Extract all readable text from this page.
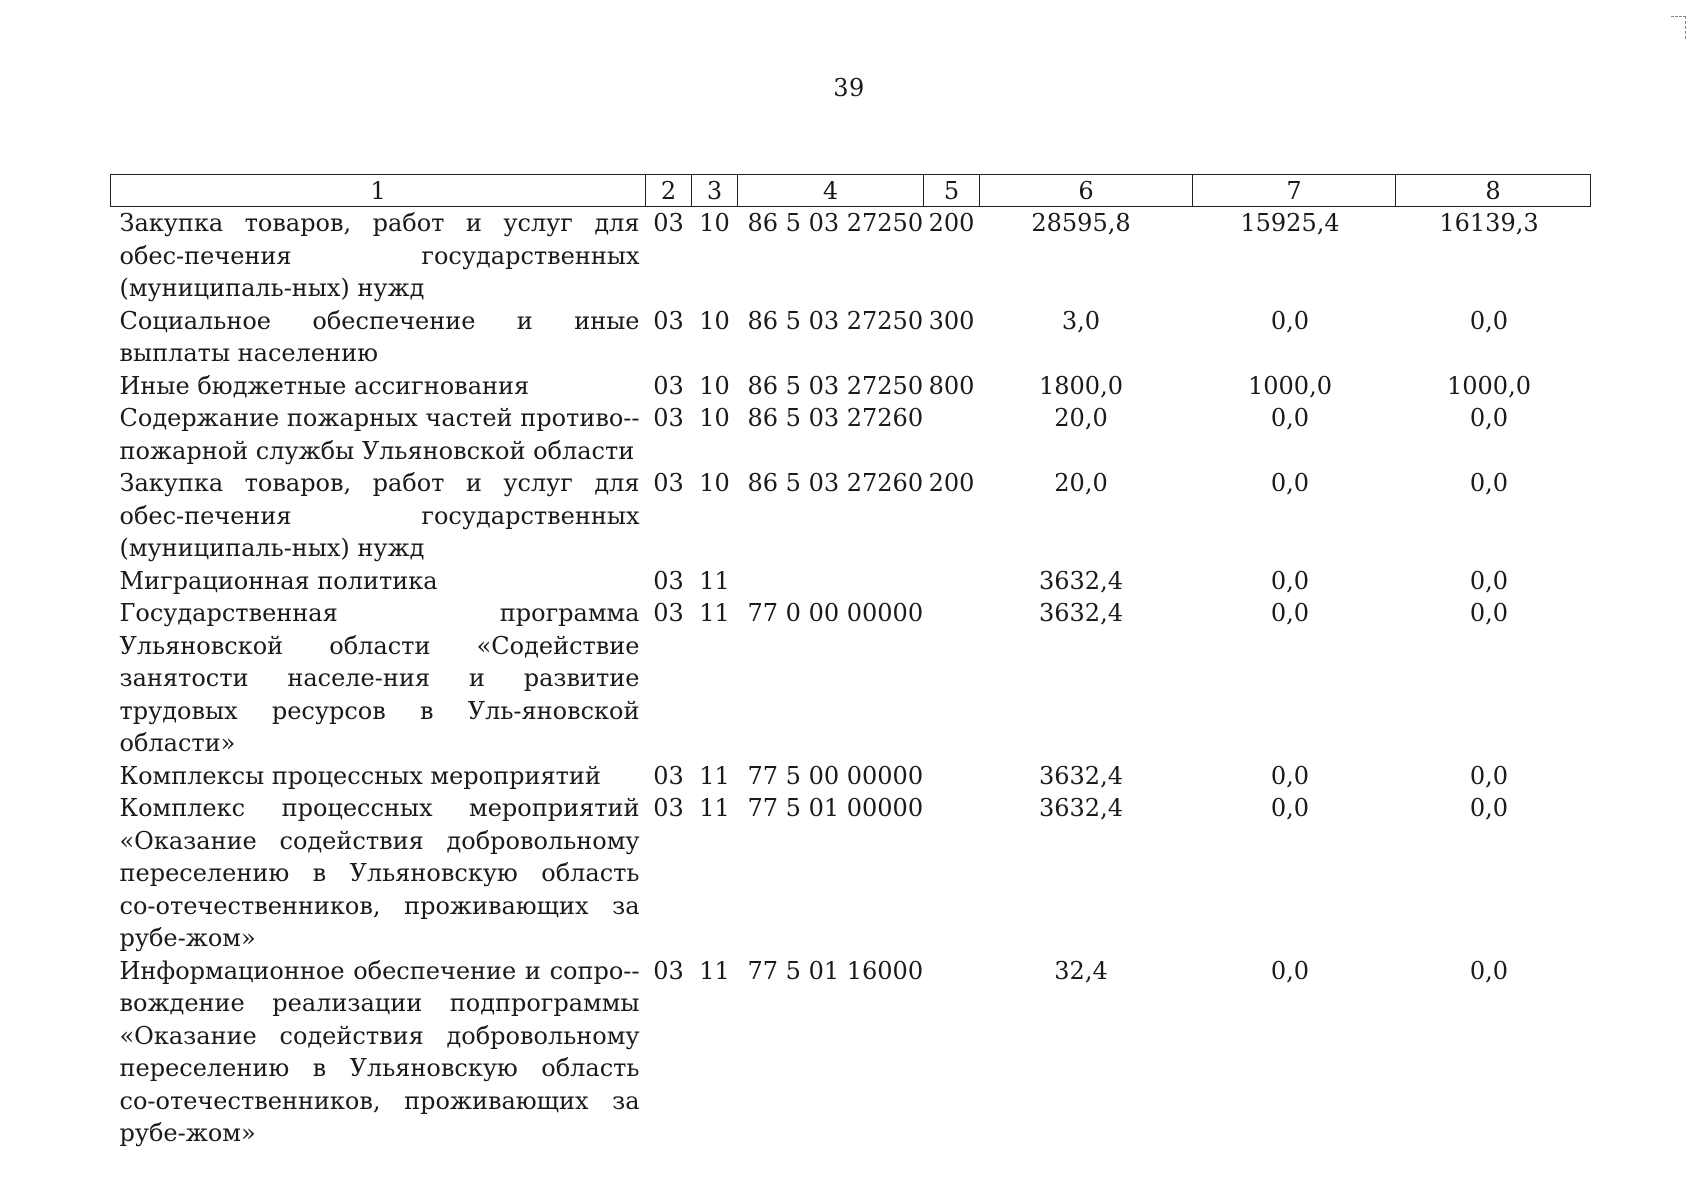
39
1	2	3	4	5	6	7	8
Закупка товаров, работ и услуг для обес-печения государственных (муниципаль-ных) нужд	03	10	86 5 03 27250	200	28595,8	15925,4	16139,3
Социальное обеспечение и иные выплаты населению	03	10	86 5 03 27250	300	3,0	0,0	0,0
Иные бюджетные ассигнования	03	10	86 5 03 27250	800	1800,0	1000,0	1000,0
Содержание пожарных частей противо-пожарной службы Ульяновской области	03	10	86 5 03 27260		20,0	0,0	0,0
Закупка товаров, работ и услуг для обес-печения государственных (муниципаль-ных) нужд	03	10	86 5 03 27260	200	20,0	0,0	0,0
Миграционная политика	03	11			3632,4	0,0	0,0
Государственная программа Ульяновской области «Содействие занятости населе-ния и развитие трудовых ресурсов в Уль-яновской области»	03	11	77 0 00 00000		3632,4	0,0	0,0
Комплексы процессных мероприятий	03	11	77 5 00 00000		3632,4	0,0	0,0
Комплекс процессных мероприятий «Оказание содействия добровольному переселению в Ульяновскую область со-отечественников, проживающих за рубе-жом»	03	11	77 5 01 00000		3632,4	0,0	0,0
Информационное обеспечение и сопро-вождение реализации подпрограммы «Оказание содействия добровольному переселению в Ульяновскую область со-отечественников, проживающих за рубе-жом»	03	11	77 5 01 16000		32,4	0,0	0,0
